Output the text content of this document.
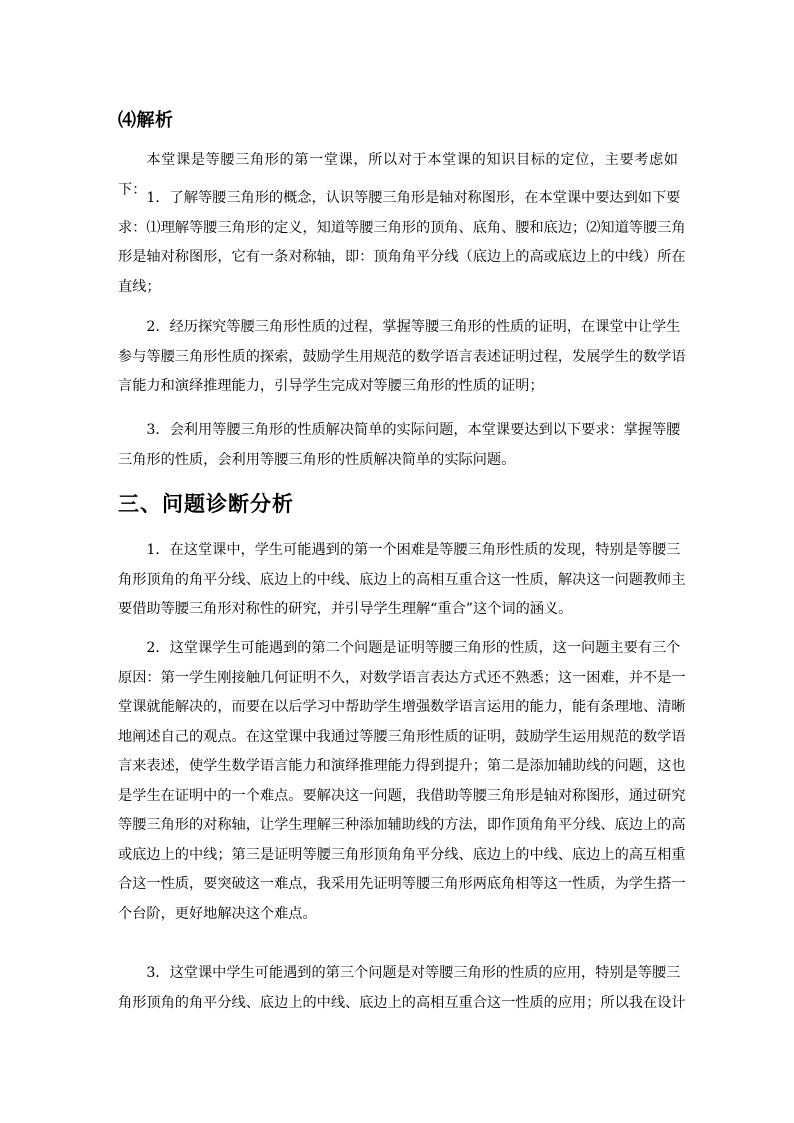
⑷解析

本堂课是等腰三角形的第一堂课，所以对于本堂课的知识目标的定位，主要考虑如下：

1．了解等腰三角形的概念，认识等腰三角形是轴对称图形，在本堂课中要达到如下要
求：⑴理解等腰三角形的定义，知道等腰三角形的顶角、底角、腰和底边；⑵知道等腰三角
形是轴对称图形，它有一条对称轴，即：顶角角平分线（底边上的高或底边上的中线）所在
直线；

2．经历探究等腰三角形性质的过程，掌握等腰三角形的性质的证明，在课堂中让学生
参与等腰三角形性质的探索，鼓励学生用规范的数学语言表述证明过程，发展学生的数学语
言能力和演绎推理能力，引导学生完成对等腰三角形的性质的证明；

3．会利用等腰三角形的性质解决简单的实际问题，本堂课要达到以下要求：掌握等腰
三角形的性质，会利用等腰三角形的性质解决简单的实际问题。

三、问题诊断分析

1．在这堂课中，学生可能遇到的第一个困难是等腰三角形性质的发现，特别是等腰三
角形顶角的角平分线、底边上的中线、底边上的高相互重合这一性质，解决这一问题教师主
要借助等腰三角形对称性的研究，并引导学生理解“重合”这个词的涵义。

2．这堂课学生可能遇到的第二个问题是证明等腰三角形的性质，这一问题主要有三个
原因：第一学生刚接触几何证明不久，对数学语言表达方式还不熟悉；这一困难，并不是一
堂课就能解决的，而要在以后学习中帮助学生增强数学语言运用的能力，能有条理地、清晰
地阐述自己的观点。在这堂课中我通过等腰三角形性质的证明，鼓励学生运用规范的数学语
言来表述，使学生数学语言能力和演绎推理能力得到提升；第二是添加辅助线的问题，这也
是学生在证明中的一个难点。要解决这一问题，我借助等腰三角形是轴对称图形，通过研究
等腰三角形的对称轴，让学生理解三种添加辅助线的方法，即作顶角角平分线、底边上的高
或底边上的中线；第三是证明等腰三角形顶角角平分线、底边上的中线、底边上的高互相重
合这一性质，要突破这一难点，我采用先证明等腰三角形两底角相等这一性质，为学生搭一
个台阶，更好地解决这个难点。

3．这堂课中学生可能遇到的第三个问题是对等腰三角形的性质的应用，特别是等腰三
角形顶角的角平分线、底边上的中线、底边上的高相互重合这一性质的应用；所以我在设计
